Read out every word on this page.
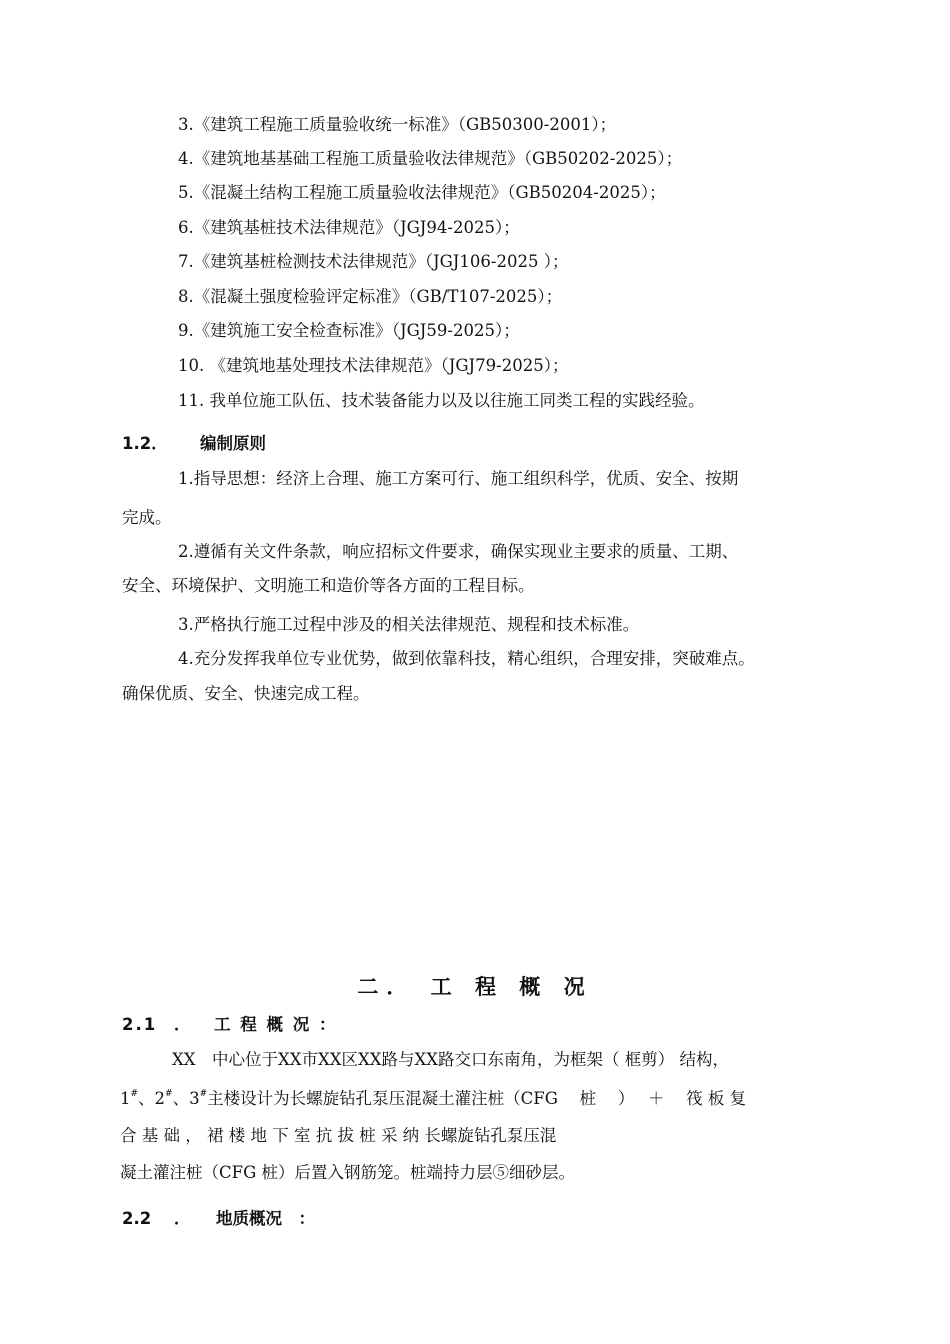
3.《建筑工程施工质量验收统一标准》（GB50300-2001）；
4.《建筑地基基础工程施工质量验收法律规范》（GB50202-2025）；
5.《混凝土结构工程施工质量验收法律规范》（GB50204-2025）；
6.《建筑基桩技术法律规范》（JGJ94-2025）；
7.《建筑基桩检测技术法律规范》（JGJ106-2025 ）；
8.《混凝土强度检验评定标准》（GB/T107-2025）；
9.《建筑施工安全检查标准》（JGJ59-2025）；
10. 《建筑地基处理技术法律规范》（JGJ79-2025）；
11. 我单位施工队伍、技术装备能力以及以往施工同类工程的实践经验。
1.2． 编制原则
1.指导思想：经济上合理、施工方案可行、施工组织科学，优质、安全、按期
完成。
2.遵循有关文件条款，响应招标文件要求，确保实现业主要求的质量、工期、
安全、环境保护、文明施工和造价等各方面的工程目标。
3.严格执行施工过程中涉及的相关法律规范、规程和技术标准。
4.充分发挥我单位专业优势，做到依靠科技，精心组织，合理安排，突破难点。
确保优质、安全、快速完成工程。
二． 工 程 概 况
2.1 ． 工 程 概 况 ：
XX　中心位于XX市XX区XX路与XX路交口东南角，为框架（ 框剪） 结构，
1#、2#、3#主楼设计为长螺旋钻孔泵压混凝土灌注桩（CFG　 桩　 ）　 ＋　 筏 板 复
合 基 础 ， 裙 楼 地 下 室 抗 拔 桩 采 纳 长螺旋钻孔泵压混
凝土灌注桩（CFG 桩）后置入钢筋笼。桩端持力层⑤细砂层。
2.2 ． 地质概况　：
